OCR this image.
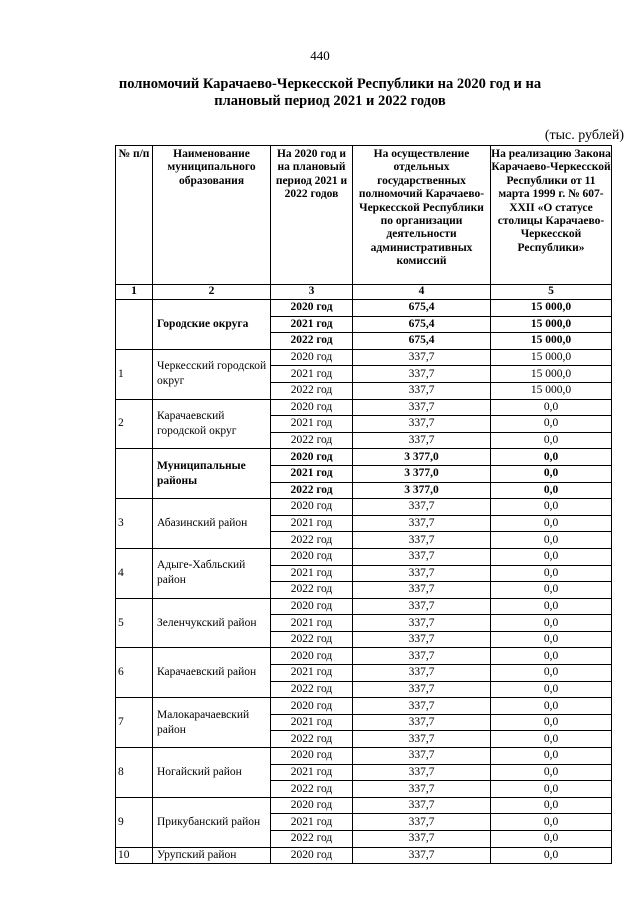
440
полномочий Карачаево-Черкесской Республики на 2020 год и на плановый период 2021 и 2022 годов
(тыс. рублей)
№ п/п	Наименование муниципального образования	На 2020 год и на плановый период 2021 и 2022 годов	На осуществление отдельных государственных полномочий Карачаево-Черкесской Республики по организации деятельности административных комиссий	На реализацию Закона Карачаево-Черкесской Республики от 11 марта 1999 г. № 607-XXII «О статусе столицы Карачаево-Черкесской Республики»
1	2	3	4	5
	Городские округа	2020 год	675,4	15 000,0
		2021 год	675,4	15 000,0
		2022 год	675,4	15 000,0
1	Черкесский городской округ	2020 год	337,7	15 000,0
		2021 год	337,7	15 000,0
		2022 год	337,7	15 000,0
2	Карачаевский городской округ	2020 год	337,7	0,0
		2021 год	337,7	0,0
		2022 год	337,7	0,0
	Муниципальные районы	2020 год	3 377,0	0,0
		2021 год	3 377,0	0,0
		2022 год	3 377,0	0,0
3	Абазинский район	2020 год	337,7	0,0
		2021 год	337,7	0,0
		2022 год	337,7	0,0
4	Адыге-Хабльский район	2020 год	337,7	0,0
		2021 год	337,7	0,0
		2022 год	337,7	0,0
5	Зеленчукский район	2020 год	337,7	0,0
		2021 год	337,7	0,0
		2022 год	337,7	0,0
6	Карачаевский район	2020 год	337,7	0,0
		2021 год	337,7	0,0
		2022 год	337,7	0,0
7	Малокарачаевский район	2020 год	337,7	0,0
		2021 год	337,7	0,0
		2022 год	337,7	0,0
8	Ногайский район	2020 год	337,7	0,0
		2021 год	337,7	0,0
		2022 год	337,7	0,0
9	Прикубанский район	2020 год	337,7	0,0
		2021 год	337,7	0,0
		2022 год	337,7	0,0
10	Урупский район	2020 год	337,7	0,0
